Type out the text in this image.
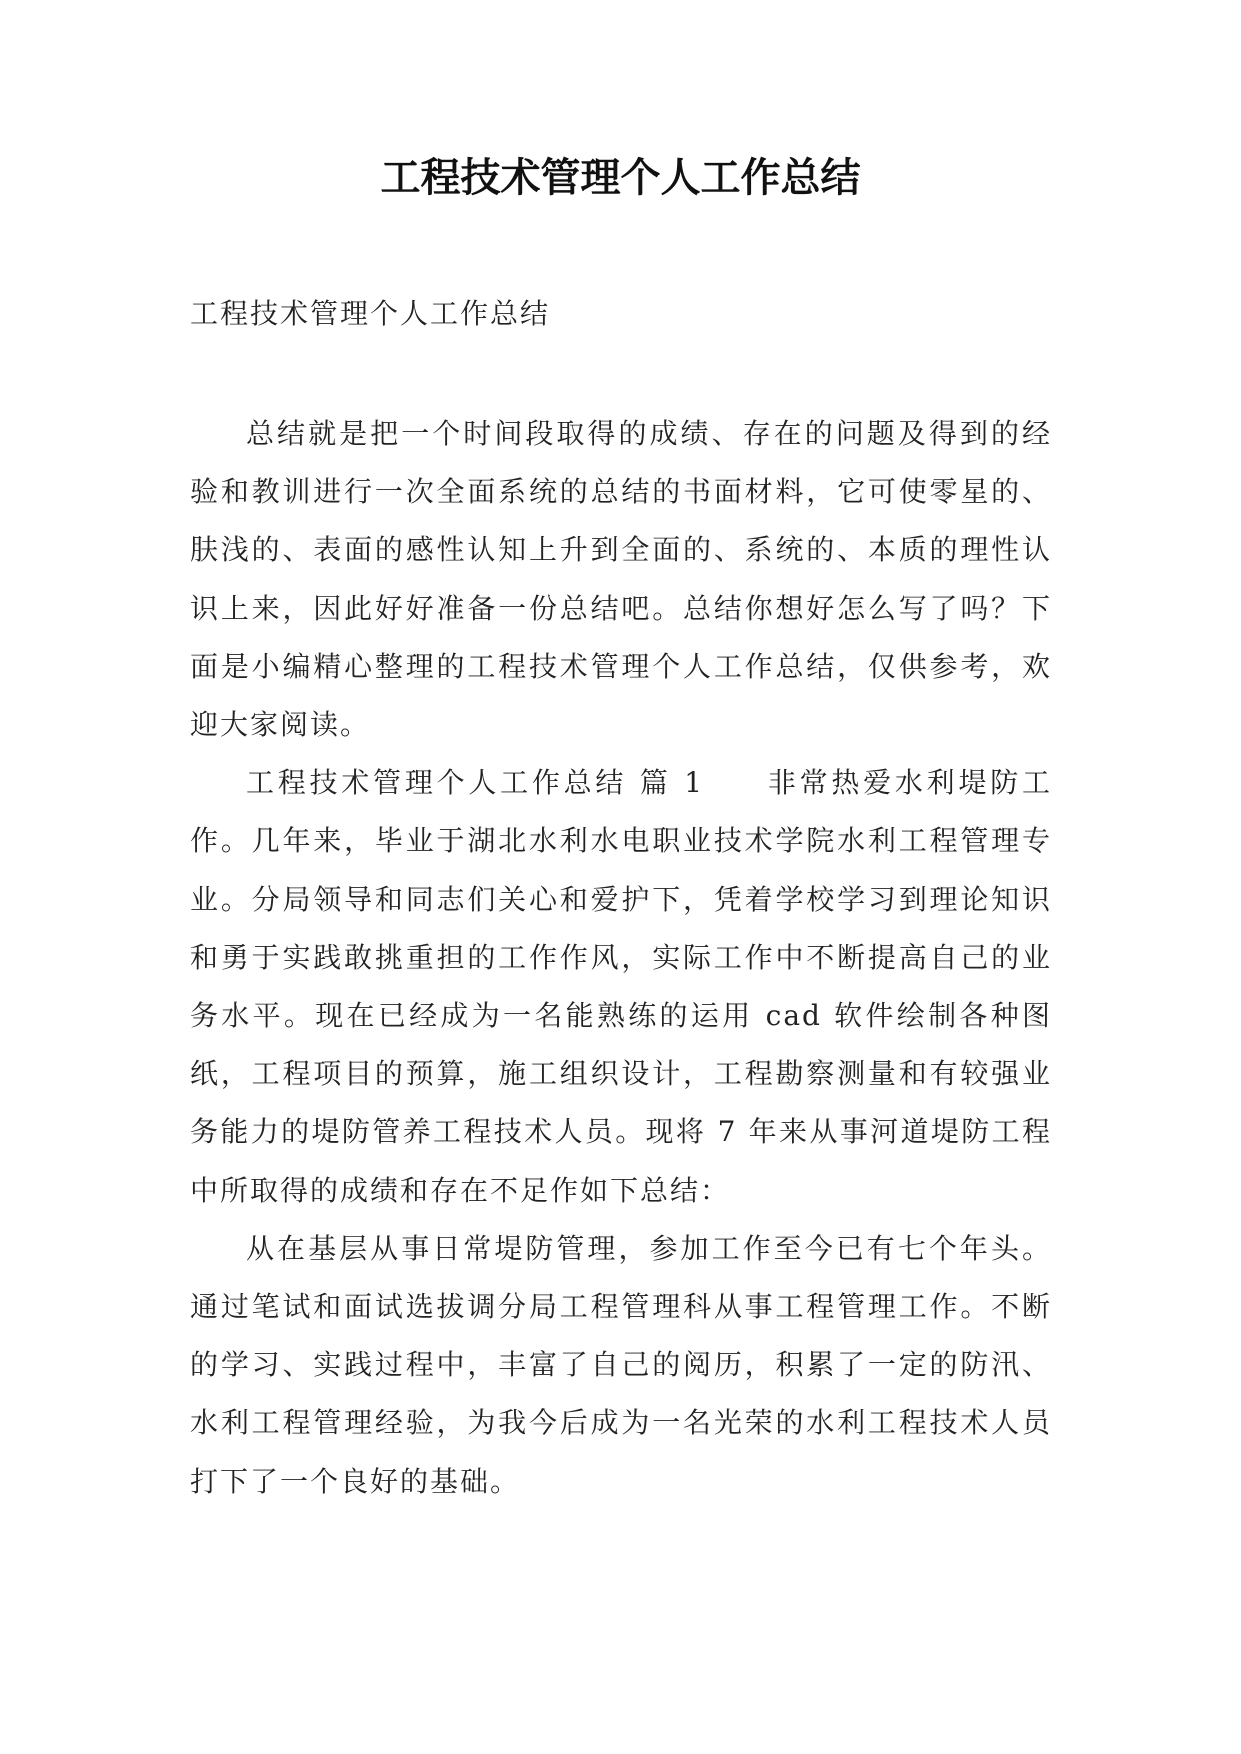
工程技术管理个人工作总结

工程技术管理个人工作总结

总结就是把一个时间段取得的成绩、存在的问题及得到的经验和教训进行一次全面系统的总结的书面材料，它可使零星的、肤浅的、表面的感性认知上升到全面的、系统的、本质的理性认识上来，因此好好准备一份总结吧。总结你想好怎么写了吗？下面是小编精心整理的工程技术管理个人工作总结，仅供参考，欢迎大家阅读。

工程技术管理个人工作总结 篇 1 非常热爱水利堤防工作。几年来，毕业于湖北水利水电职业技术学院水利工程管理专业。分局领导和同志们关心和爱护下，凭着学校学习到理论知识和勇于实践敢挑重担的工作作风，实际工作中不断提高自己的业务水平。现在已经成为一名能熟练的运用 cad 软件绘制各种图纸，工程项目的预算，施工组织设计，工程勘察测量和有较强业务能力的堤防管养工程技术人员。现将 7 年来从事河道堤防工程中所取得的成绩和存在不足作如下总结：

从在基层从事日常堤防管理，参加工作至今已有七个年头。通过笔试和面试选拔调分局工程管理科从事工程管理工作。不断的学习、实践过程中，丰富了自己的阅历，积累了一定的防汛、水利工程管理经验，为我今后成为一名光荣的水利工程技术人员打下了一个良好的基础。
